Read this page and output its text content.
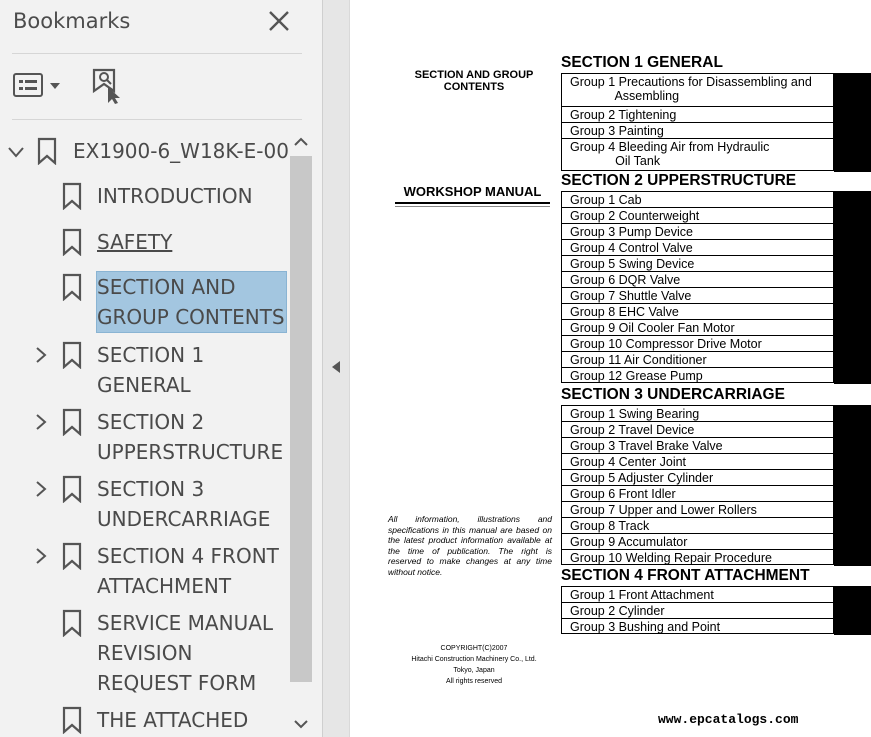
Bookmarks
EX1900-6_W18K-E-00
INTRODUCTION
SAFETY
SECTION AND
GROUP CONTENTS
SECTION 1
GENERAL
SECTION 2
UPPERSTRUCTURE
SECTION 3
UNDERCARRIAGE
SECTION 4 FRONT
ATTACHMENT
SERVICE MANUAL
REVISION
REQUEST FORM
THE ATTACHED
SECTION AND GROUP
CONTENTS
WORKSHOP MANUAL
SECTION 1 GENERAL
Group 1 Precautions for Disassembling and
Assembling
Group 2 Tightening
Group 3 Painting
Group 4 Bleeding Air from Hydraulic
Oil Tank
SECTION 2 UPPERSTRUCTURE
Group 1 Cab
Group 2 Counterweight
Group 3 Pump Device
Group 4 Control Valve
Group 5 Swing Device
Group 6 DQR Valve
Group 7 Shuttle Valve
Group 8 EHC Valve
Group 9 Oil Cooler Fan Motor
Group 10 Compressor Drive Motor
Group 11 Air Conditioner
Group 12 Grease Pump
SECTION 3 UNDERCARRIAGE
Group 1 Swing Bearing
Group 2 Travel Device
Group 3 Travel Brake Valve
Group 4 Center Joint
Group 5 Adjuster Cylinder
Group 6 Front Idler
Group 7 Upper and Lower Rollers
Group 8 Track
Group 9 Accumulator
Group 10 Welding Repair Procedure
SECTION 4 FRONT ATTACHMENT
Group 1 Front Attachment
Group 2 Cylinder
Group 3 Bushing and Point
All information, illustrations and specifications in this manual are based on the latest product information available at the time of publication. The right is reserved to make changes at any time without notice.
COPYRIGHT(C)2007
Hitachi Construction Machinery Co., Ltd.
Tokyo, Japan
All rights reserved
www.epcatalogs.com
